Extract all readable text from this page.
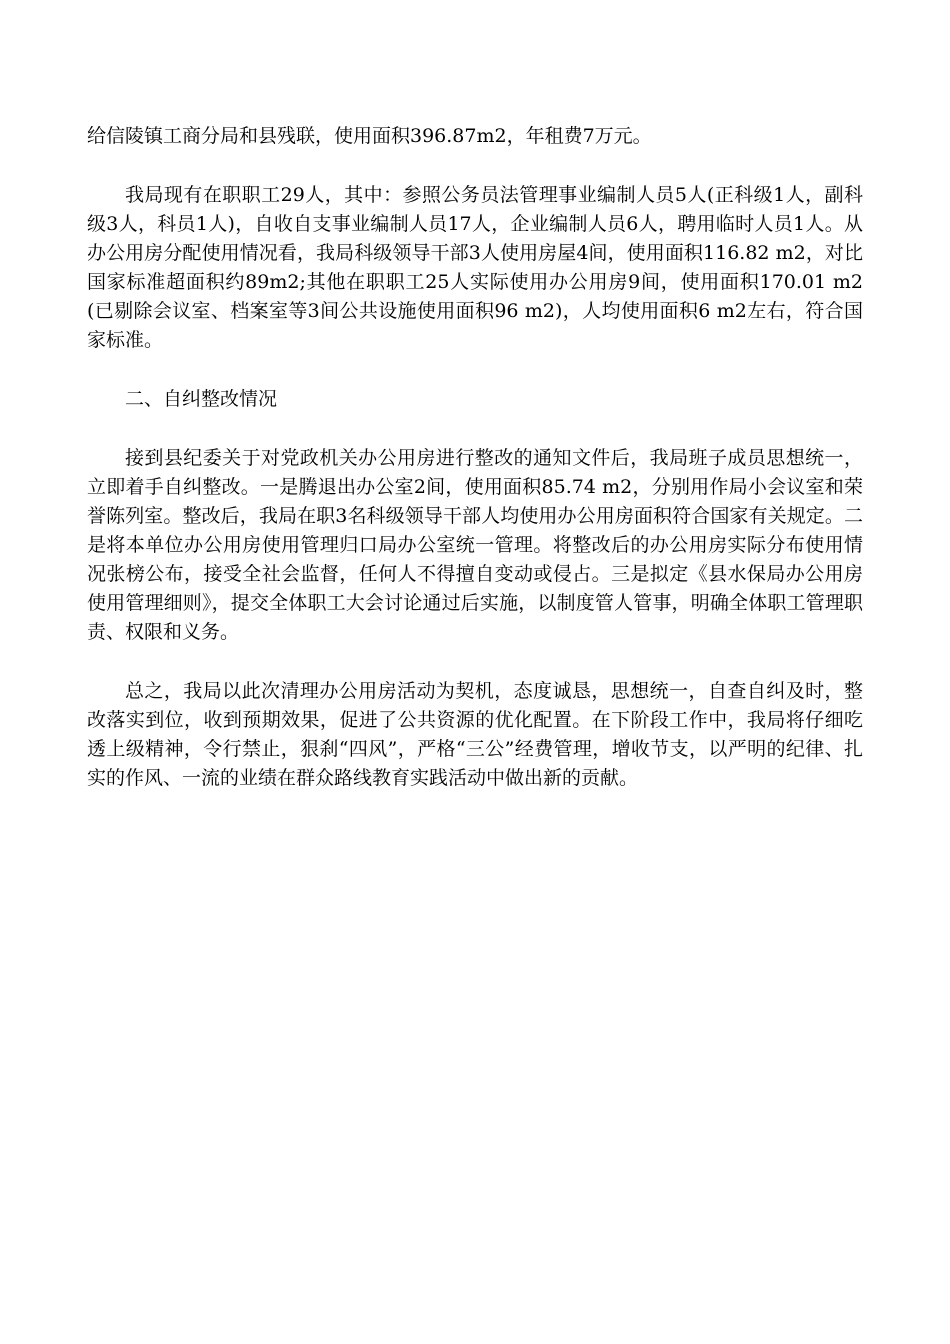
给信陵镇工商分局和县残联，使用面积396.87m2，年租费7万元。

我局现有在职职工29人，其中：参照公务员法管理事业编制人员5人(正科级1人，副科级3人，科员1人)，自收自支事业编制人员17人，企业编制人员6人，聘用临时人员1人。从办公用房分配使用情况看，我局科级领导干部3人使用房屋4间，使用面积116.82 m2，对比国家标准超面积约89m2;其他在职职工25人实际使用办公用房9间，使用面积170.01 m2(已剔除会议室、档案室等3间公共设施使用面积96 m2)，人均使用面积6 m2左右，符合国家标准。

二、自纠整改情况

接到县纪委关于对党政机关办公用房进行整改的通知文件后，我局班子成员思想统一，立即着手自纠整改。一是腾退出办公室2间，使用面积85.74 m2，分别用作局小会议室和荣誉陈列室。整改后，我局在职3名科级领导干部人均使用办公用房面积符合国家有关规定。二是将本单位办公用房使用管理归口局办公室统一管理。将整改后的办公用房实际分布使用情况张榜公布，接受全社会监督，任何人不得擅自变动或侵占。三是拟定《县水保局办公用房使用管理细则》，提交全体职工大会讨论通过后实施，以制度管人管事，明确全体职工管理职责、权限和义务。

总之，我局以此次清理办公用房活动为契机，态度诚恳，思想统一，自查自纠及时，整改落实到位，收到预期效果，促进了公共资源的优化配置。在下阶段工作中，我局将仔细吃透上级精神，令行禁止，狠刹“四风”，严格“三公”经费管理，增收节支，以严明的纪律、扎实的作风、一流的业绩在群众路线教育实践活动中做出新的贡献。
